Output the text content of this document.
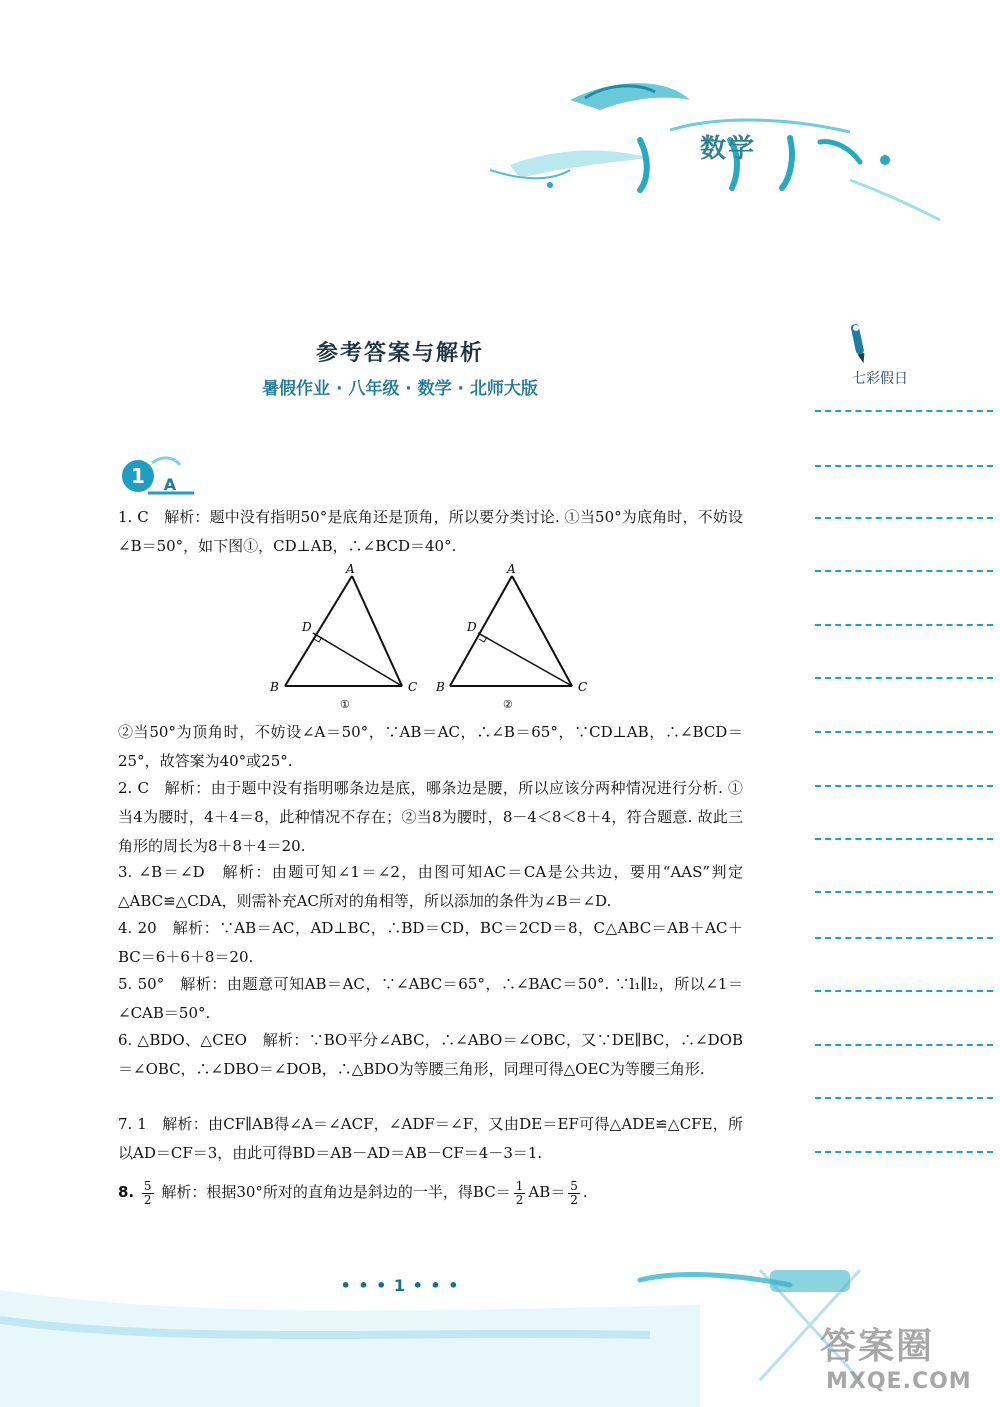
数学
参考答案与解析
暑假作业 · 八年级 · 数学 · 北师大版	七彩假日
1 A
1. C　解析：题中没有指明50°是底角还是顶角，所以要分类讨论. ①当50°为底角时，不妨设∠B＝50°，如下图①，CD⊥AB，∴∠BCD＝40°.
A
D
B	C
①
A
D
B	C
②
②当50°为顶角时，不妨设∠A＝50°，∵AB＝AC，∴∠B＝65°，∵CD⊥AB，∴∠BCD＝25°，故答案为40°或25°.
2. C　解析：由于题中没有指明哪条边是底，哪条边是腰，所以应该分两种情况进行分析. ①当4为腰时，4＋4＝8，此种情况不存在；②当8为腰时，8－4＜8＜8＋4，符合题意. 故此三角形的周长为8＋8＋4＝20.
3. ∠B＝∠D　解析：由题可知∠1＝∠2，由图可知AC＝CA是公共边，要用“AAS”判定△ABC≌△CDA，则需补充AC所对的角相等，所以添加的条件为∠B＝∠D.
4. 20　解析：∵AB＝AC，AD⊥BC，∴BD＝CD，BC＝2CD＝8，C△ABC＝AB＋AC＋BC＝6＋6＋8＝20.
5. 50°　解析：由题意可知AB＝AC，∵∠ABC＝65°，∴∠BAC＝50°. ∵l₁∥l₂，所以∠1＝∠CAB＝50°.
6. △BDO、△CEO　解析：∵BO平分∠ABC，∴∠ABO＝∠OBC，又∵DE∥BC，∴∠DOB＝∠OBC，∴∠DBO＝∠DOB，∴△BDO为等腰三角形，同理可得△OEC为等腰三角形.
7. 1　解析：由CF∥AB得∠A＝∠ACF，∠ADF＝∠F，又由DE＝EF可得△ADE≌△CFE，所以AD＝CF＝3，由此可得BD＝AB－AD＝AB－CF＝4－3＝1.
8. $\frac{5}{2}$ 解析：根据30°所对的直角边是斜边的一半，得$BC= \frac{1}{2} AB= \frac{5}{2}$ .
• • • 1 • • •
答案圈
MXQE.COM
